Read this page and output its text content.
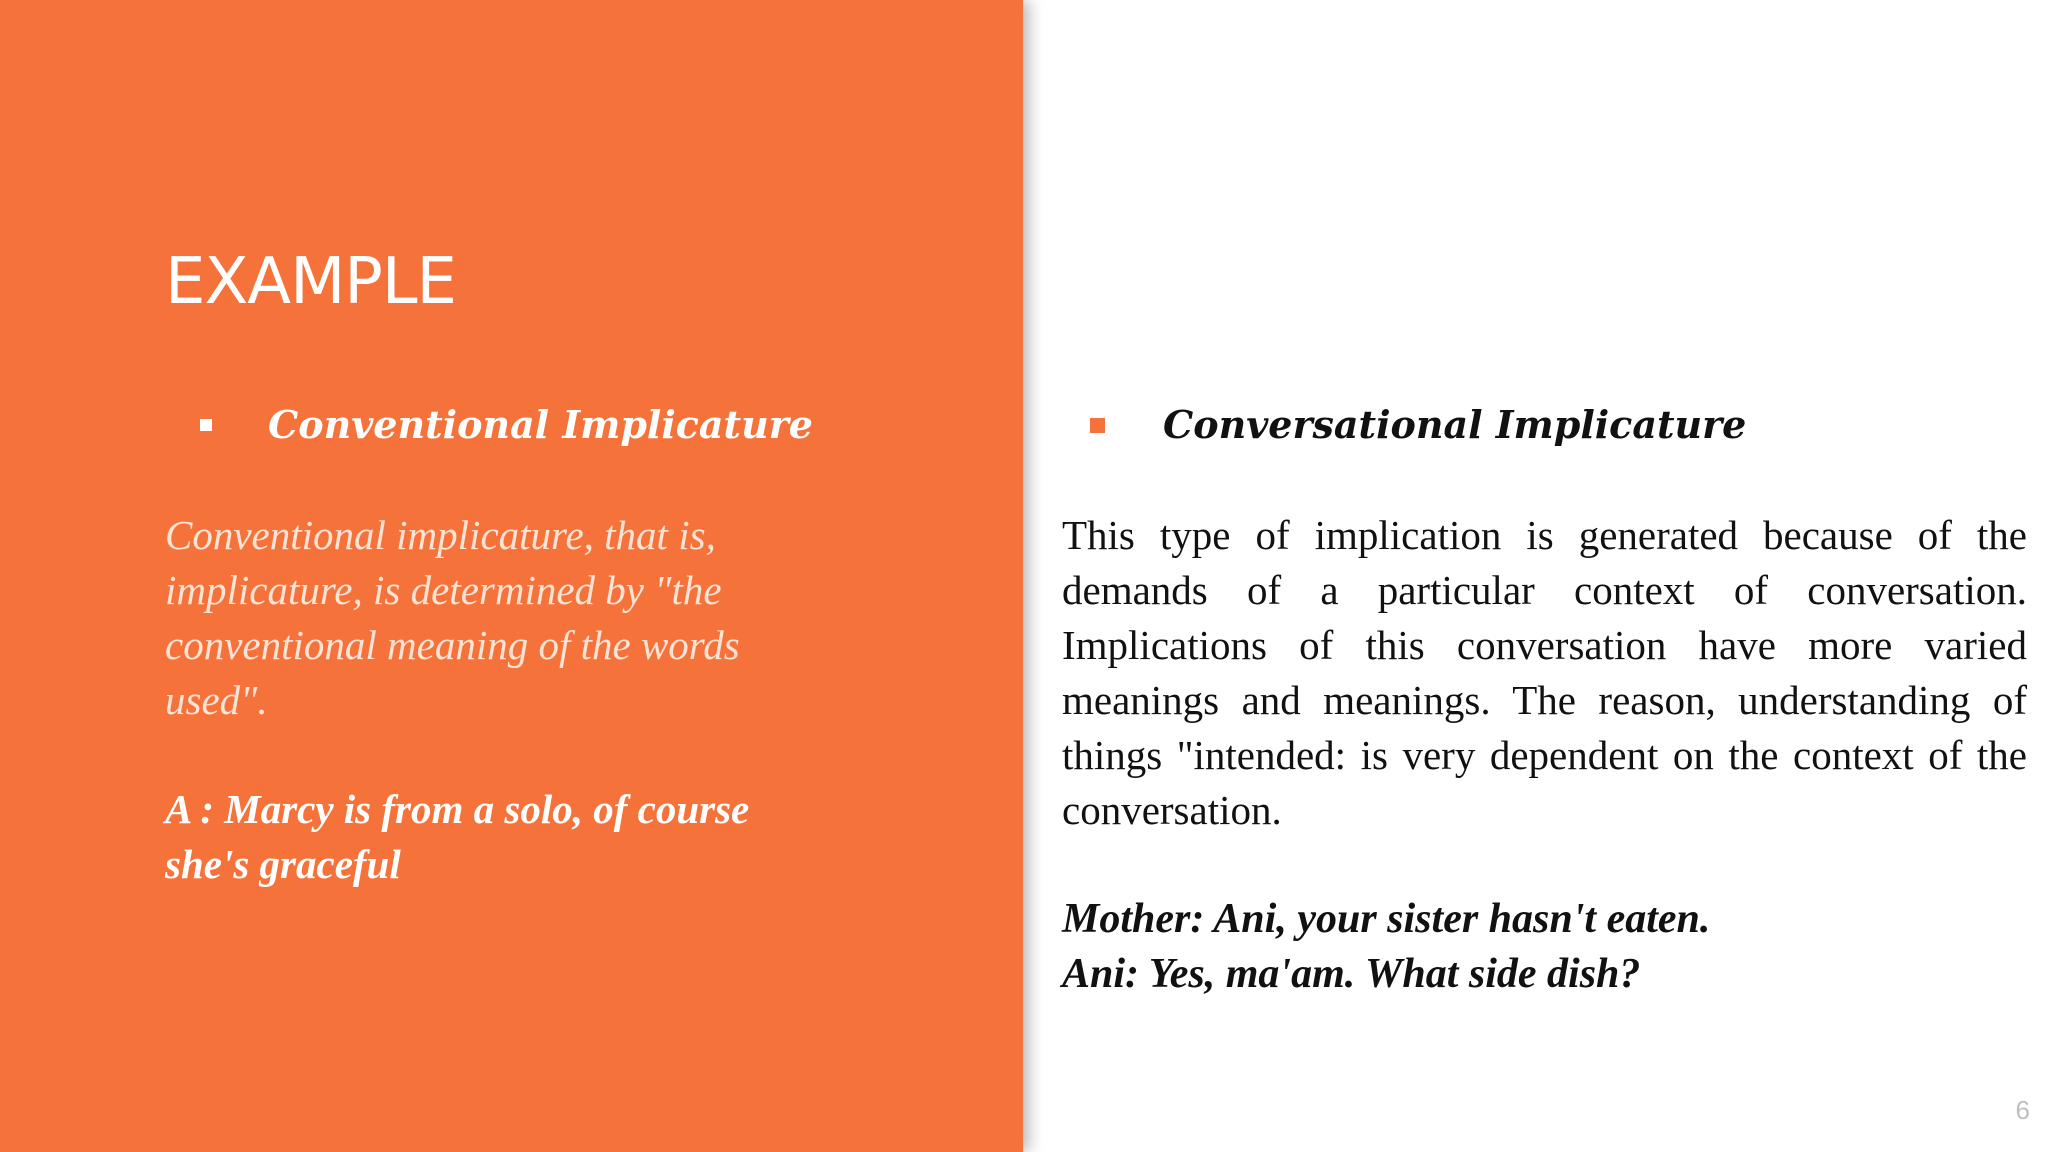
EXAMPLE
Conventional Implicature

Conventional implicature, that is, implicature, is determined by "the conventional meaning of the words used".

A : Marcy is from a solo, of course she's graceful

Conversational Implicature

This type of implication is generated because of the demands of a particular context of conversation. Implications of this conversation have more varied meanings and meanings. The reason, understanding of things "intended: is very dependent on the context of the conversation.

Mother: Ani, your sister hasn't eaten.
Ani: Yes, ma'am. What side dish?
6
